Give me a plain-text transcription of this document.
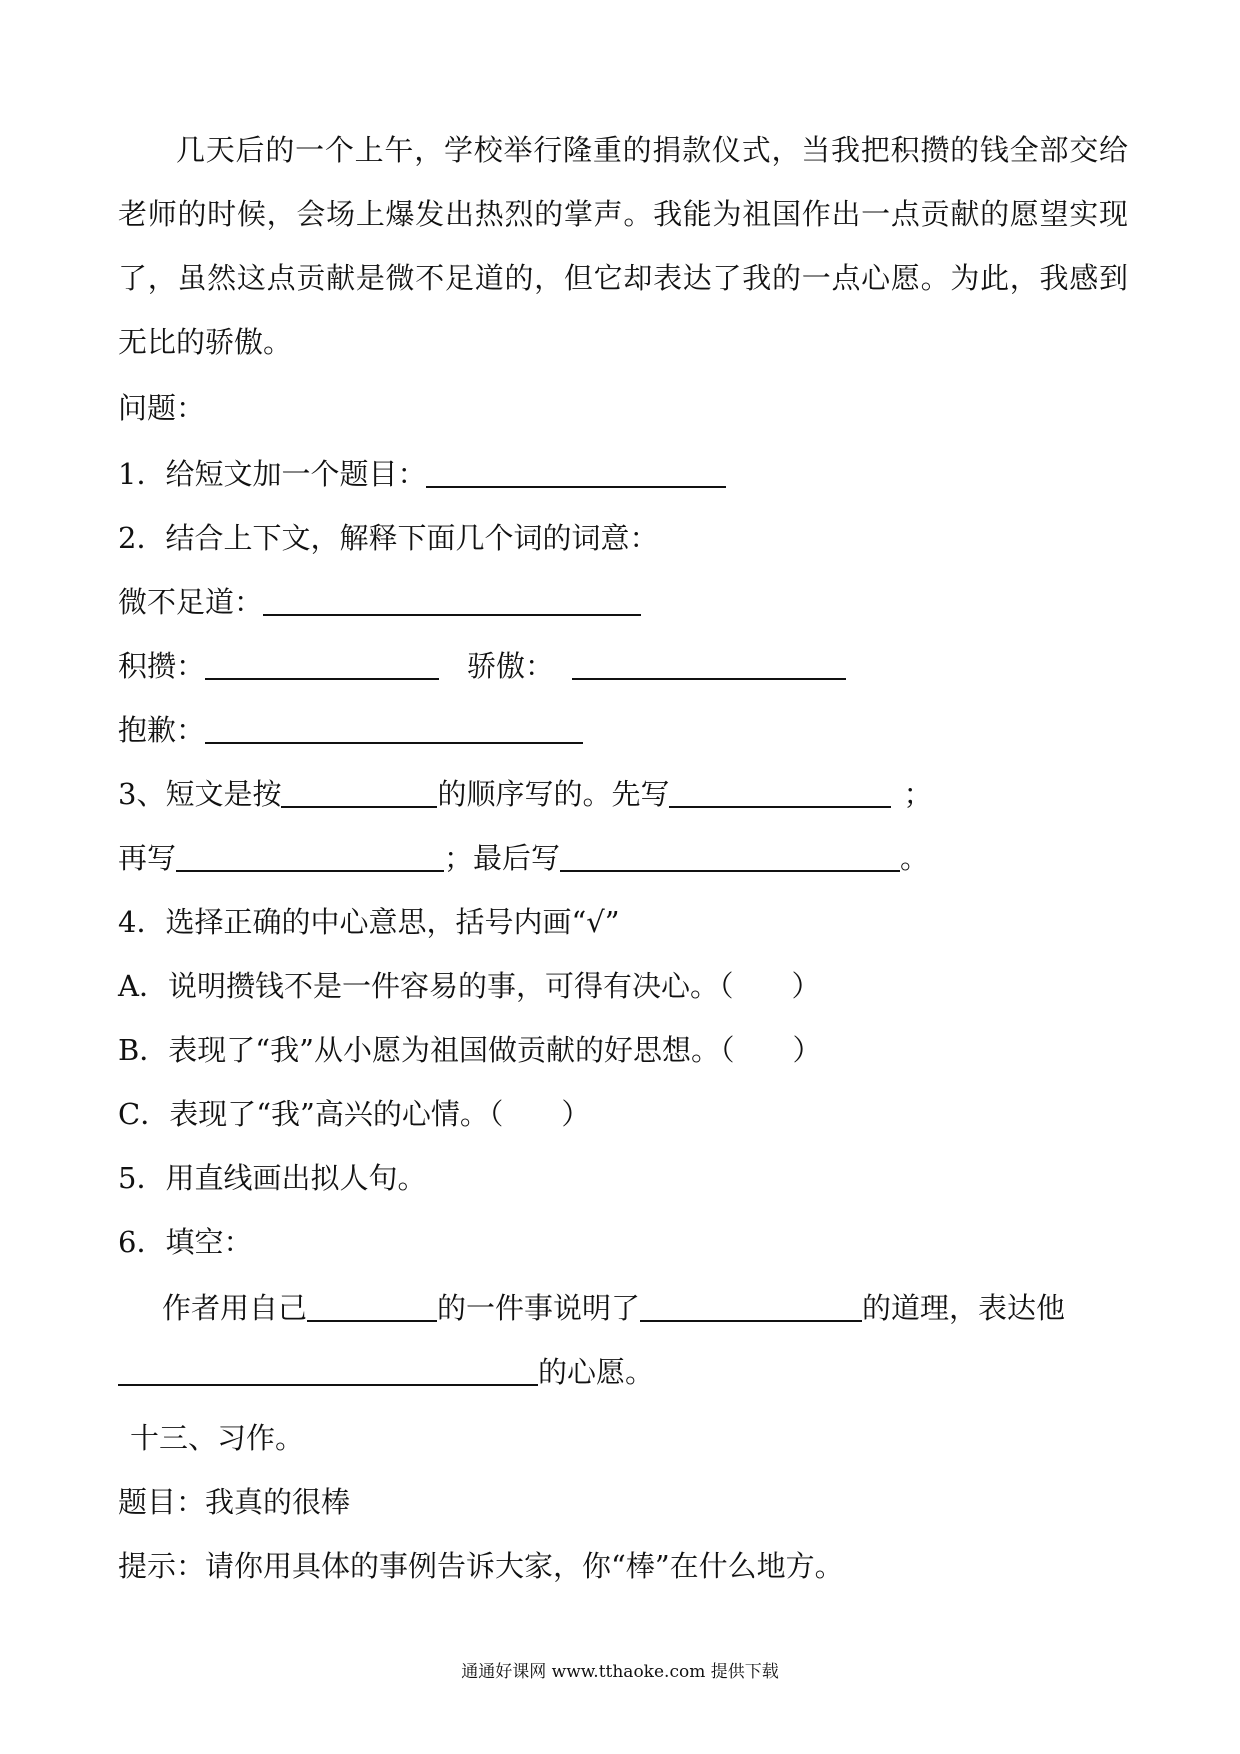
几天后的一个上午，学校举行隆重的捐款仪式，当我把积攒的钱全部交给老师的时候，会场上爆发出热烈的掌声。我能为祖国作出一点贡献的愿望实现了，虽然这点贡献是微不足道的，但它却表达了我的一点心愿。为此，我感到无比的骄傲。
问题：
1．给短文加一个题目：
2．结合上下文，解释下面几个词的词意：
微不足道：
积攒：	骄傲：
抱歉：
3、短文是按	的顺序写的。先写	；
再写	；最后写	。
4．选择正确的中心意思，括号内画“√”
A．说明攒钱不是一件容易的事，可得有决心。（　　）
B．表现了“我”从小愿为祖国做贡献的好思想。（　　）
C．表现了“我”高兴的心情。（　　）
5．用直线画出拟人句。
6．填空：
作者用自己	的一件事说明了	的道理，表达他
的心愿。
十三、习作。
题目：我真的很棒
提示：请你用具体的事例告诉大家，你“棒”在什么地方。
通通好课网 www.tthaoke.com 提供下载
